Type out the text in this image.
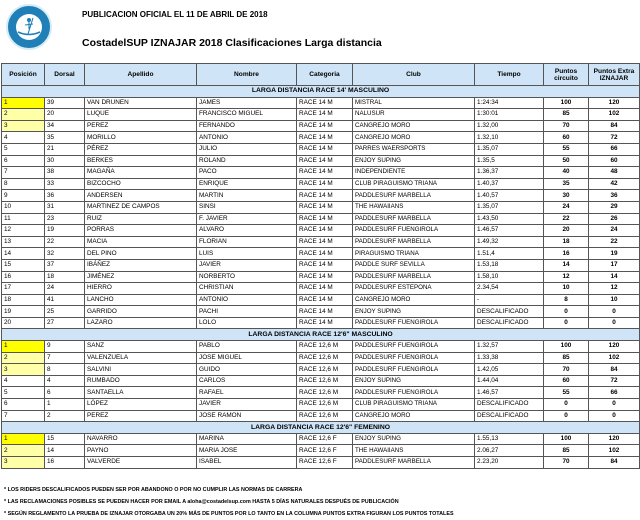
PUBLICACION OFICIAL EL 11 DE ABRIL DE 2018
CostadelSUP IZNAJAR 2018 Clasificaciones Larga distancia
Posición	Dorsal	Apellido	Nombre	Categoria	Club	Tiempo	Puntos circuito	Puntos Extra IZNAJAR
LARGA DISTANCIA RACE 14' MASCULINO								
1	39	VAN DRUNEN	JAMES	RACE 14 M	MISTRAL	1:24:34	100	120
2	20	LUQUE	FRANCISCO MIGUEL	RACE 14 M	NALUSUR	1:30:01	85	102
3	34	PEREZ	FERNANDO	RACE 14 M	CANGREJO MORO	1.32,00	70	84
4	35	MORILLO	ANTONIO	RACE 14 M	CANGREJO MORO	1.32,10	60	72
5	21	PÉREZ	JULIO	RACE 14 M	PARRES WAERSPORTS	1.35,07	55	66
6	30	BERKES	ROLAND	RACE 14 M	ENJOY SUPING	1.35,5	50	60
7	38	MAGAÑA	PACO	RACE 14 M	INDEPENDIENTE	1.36,37	40	48
8	33	BIZCOCHO	ENRIQUE	RACE 14 M	CLUB PIRAGUISMO TRIANA	1.40,37	35	42
9	36	ANDERSEN	MARTIN	RACE 14 M	PADDLESURF MARBELLA	1.40,57	30	36
10	31	MARTINEZ DE CAMPOS	SINSI	RACE 14 M	THE HAWAIIANS	1.35,07	24	29
11	23	RUIZ	F. JAVIER	RACE 14 M	PADDLESURF MARBELLA	1.43,50	22	26
12	19	PORRAS	ALVARO	RACE 14 M	PADDLESURF FUENGIROLA	1.46,57	20	24
13	22	MACIA	FLORIAN	RACE 14 M	PADDLESURF MARBELLA	1.49,32	18	22
14	32	DEL PINO	LUIS	RACE 14 M	PIRAGUISMO TRIANA	1.51,4	16	19
15	37	IBÁÑEZ	JAVIER	RACE 14 M	PADDLE SURF SEVILLA	1.53,18	14	17
16	18	JIMÉNEZ	NORBERTO	RACE 14 M	PADDLESURF MARBELLA	1.58,10	12	14
17	24	HIERRO	CHRISTIAN	RACE 14 M	PADDLESURF ESTEPONA	2.34,54	10	12
18	41	LANCHO	ANTONIO	RACE 14 M	CANGREJO MORO	-	8	10
19	25	GARRIDO	PACHI	RACE 14 M	ENJOY SUPING	DESCALIFICADO	0	0
20	27	LAZARO	LOLO	RACE 14 M	PADDLESURF FUENGIROLA	DESCALIFICADO	0	0
LARGA DISTANCIA RACE 12'6" MASCULINO								
1	9	SANZ	PABLO	RACE 12,6 M	PADDLESURF FUENGIROLA	1.32,57	100	120
2	7	VALENZUELA	JOSE MIGUEL	RACE 12,6 M	PADDLESURF FUENGIROLA	1.33,38	85	102
3	8	SALVINI	GUIDO	RACE 12,6 M	PADDLESURF FUENGIROLA	1.42,05	70	84
4	4	RUMBADO	CARLOS	RACE 12,6 M	ENJOY SUPING	1.44,04	60	72
5	6	SANTAELLA	RAFAEL	RACE 12,6 M	PADDLESURF FUENGIROLA	1.46,57	55	66
6	1	LÓPEZ	JAVIER	RACE 12,6 M	CLUB PIRAGUISMO TRIANA	DESCALIFICADO	0	0
7	2	PEREZ	JOSE RAMON	RACE 12,6 M	CANGREJO MORO	DESCALIFICADO	0	0
LARGA DISTANCIA RACE 12'6" FEMENINO								
1	15	NAVARRO	MARINA	RACE 12,6 F	ENJOY SUPING	1.55,13	100	120
2	14	PAYNO	MARIA JOSE	RACE 12,6 F	THE HAWAIIANS	2.06,27	85	102
3	16	VALVERDE	ISABEL	RACE 12,6 F	PADDLESURF MARBELLA	2.23,20	70	84
* LOS RIDERS DESCALIFICADOS PUEDEN SER POR ABANDONO O POR NO CUMPLIR LAS NORMAS DE CARRERA
* LAS RECLAMACIONES POSIBLES SE PUEDEN HACER POR EMAIL A aloha@costadelsup.com HASTA 5 DÍAS NATURALES DESPUÉS DE PUBLICACIÓN
* SEGÚN REGLAMENTO LA PRUEBA DE IZNAJAR OTORGABA UN 20% MÁS DE PUNTOS POR LO TANTO EN LA COLUMNA PUNTOS EXTRA FIGURAN LOS PUNTOS TOTALES
